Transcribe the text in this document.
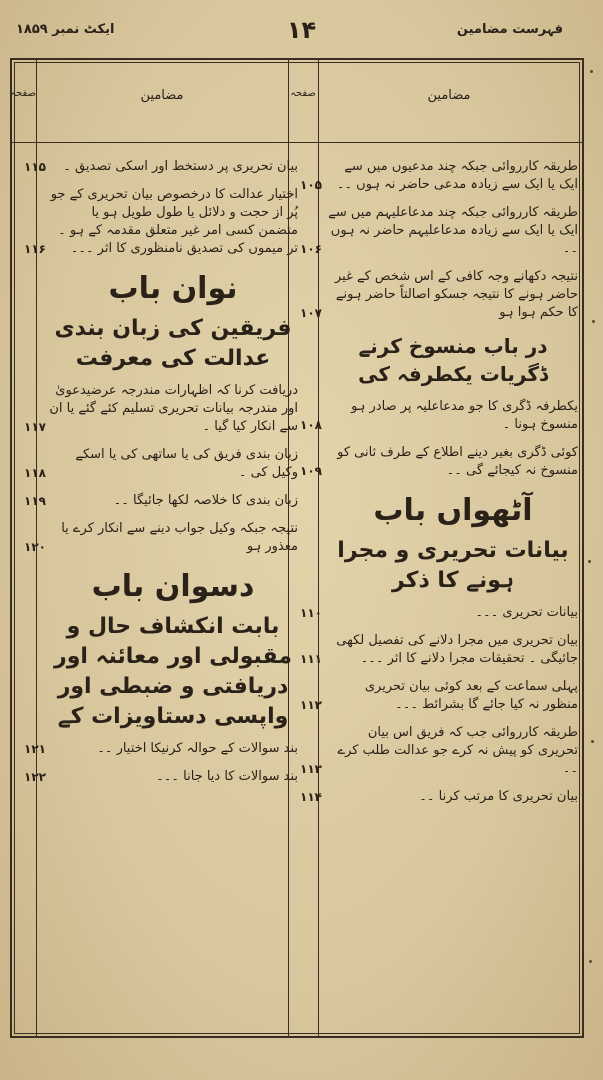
فہرست مضامین
۱۴
ایکٹ نمبر ۱۸۵۹
مضامین
صفحہ
مضامین
صفحہ
طریقہ کارروائی جبکہ چند مدعیوں میں سے ایک یا ایک سے زیادہ مدعی حاضر نہ ہوں ۔۔
۱۰۵
طریقہ کارروائی جبکہ چند مدعاعلیہم میں سے ایک یا ایک سے زیادہ مدعاعلیہم حاضر نہ ہوں ۔۔
۱۰۶
نتیجہ دکھانے وجہ کافی کے اس شخص کے غیر حاضر ہونے کا نتیجہ جسکو اصالتاً حاضر ہونے کا حکم ہوا ہو
۱۰۷
در باب منسوخ کرنے ڈگریات یکطرفہ کی
یکطرفہ ڈگری کا جو مدعاعلیہ پر صادر ہو منسوخ ہونا ۔
۱۰۸
کوئی ڈگری بغیر دینے اطلاع کے طرف ثانی کو منسوخ نہ کیجائے گی ۔۔
۱۰۹
آٹھواں باب
بیانات تحریری و مجرا ہونے کا ذکر
بیانات تحریری ۔۔۔
۱۱۰
بیان تحریری میں مجرا دلانے کی تفصیل لکھی جائیگی ۔ تحقیقات مجرا دلانے کا اثر ۔۔۔
۱۱۱
پہلی سماعت کے بعد کوئی بیان تحریری منظور نہ کیا جائے گا بشرائط ۔۔۔
۱۱۲
طریقہ کارروائی جب کہ فریق اس بیان تحریری کو پیش نہ کرے جو عدالت طلب کرے ۔۔
۱۱۳
بیان تحریری کا مرتب کرنا ۔۔
۱۱۴
بیان تحریری پر دستخط اور اسکی تصدیق ۔
۱۱۵
اختیار عدالت کا درخصوص بیان تحریری کے جو پُر از حجت و دلائل یا طول طویل ہو یا متضمن کسی امر غیر متعلق مقدمہ کے ہو ۔ تر میموں کی تصدیق نامنظوری کا اثر ۔۔۔
۱۱۶
نوان باب
فریقین کی زبان بندی عدالت کی معرفت
دریافت کرنا کہ اظہارات مندرجہ عرضیدعویٰ اور مندرجہ بیانات تحریری تسلیم کئے گئے یا ان سے انکار کیا گیا ۔
۱۱۷
زبان بندی فریق کی یا ساتھی کی یا اسکے وکیل کی ۔
۱۱۸
زبان بندی کا خلاصہ لکھا جائیگا ۔۔
۱۱۹
نتیجہ جبکہ وکیل جواب دینے سے انکار کرے یا معذور ہو
۱۲۰
دسوان باب
بابت انکشاف حال و مقبولی اور معائنہ اور دریافتی و ضبطی اور واپسی دستاویزات کے
بند سوالات کے حوالہ کرنیکا اختیار ۔۔
۱۲۱
بند سوالات کا دیا جانا ۔۔۔
۱۲۲
